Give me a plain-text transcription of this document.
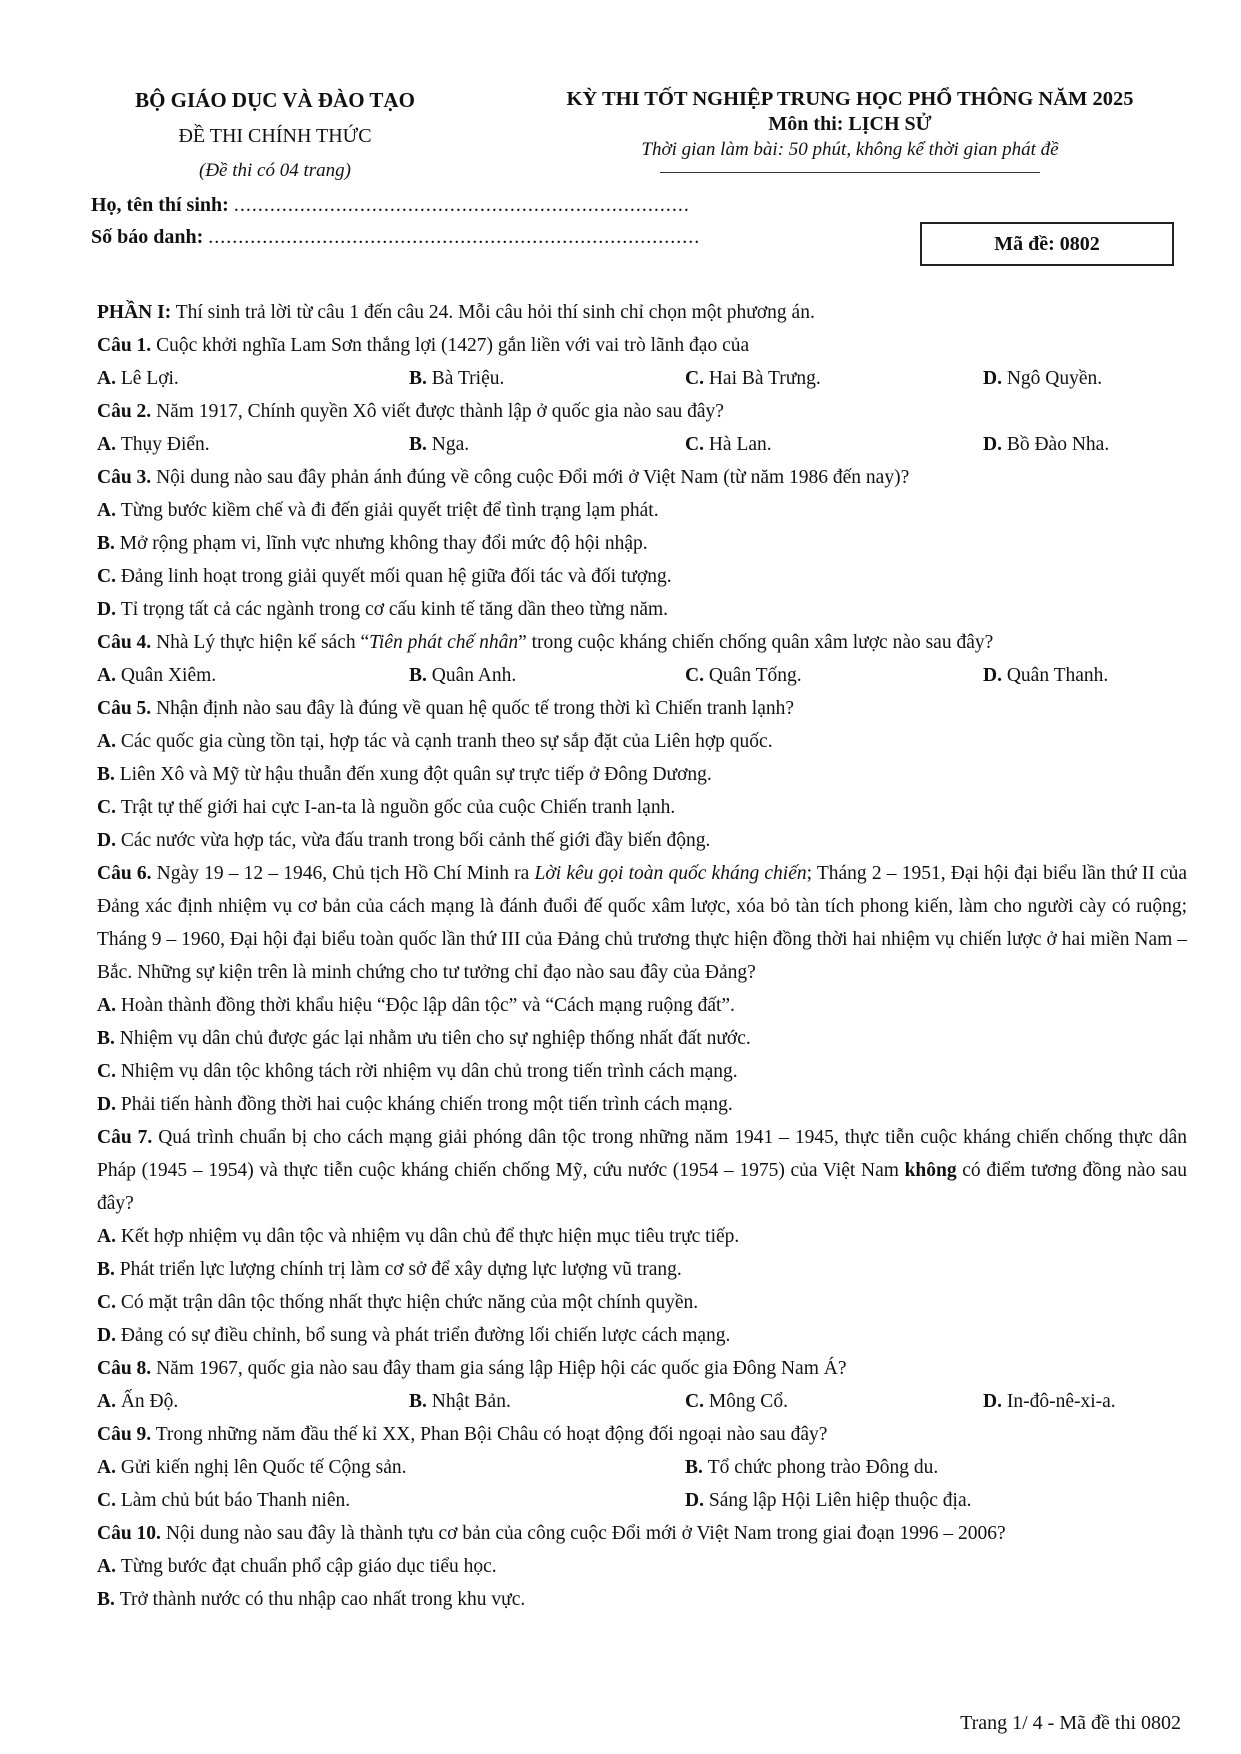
BỘ GIÁO DỤC VÀ ĐÀO TẠO
ĐỀ THI CHÍNH THỨC
(Đề thi có 04 trang)
KỲ THI TỐT NGHIỆP TRUNG HỌC PHỔ THÔNG NĂM 2025
Môn thi: LỊCH SỬ
Thời gian làm bài: 50 phút, không kể thời gian phát đề
Họ, tên thí sinh: ............................................................................
Số báo danh: ..................................................................................	Mã đề: 0802
PHẦN I: Thí sinh trả lời từ câu 1 đến câu 24. Mỗi câu hỏi thí sinh chỉ chọn một phương án.
Câu 1. Cuộc khởi nghĩa Lam Sơn thắng lợi (1427) gắn liền với vai trò lãnh đạo của
A. Lê Lợi.	B. Bà Triệu.	C. Hai Bà Trưng.	D. Ngô Quyền.
Câu 2. Năm 1917, Chính quyền Xô viết được thành lập ở quốc gia nào sau đây?
A. Thụy Điển.	B. Nga.	C. Hà Lan.	D. Bồ Đào Nha.
Câu 3. Nội dung nào sau đây phản ánh đúng về công cuộc Đổi mới ở Việt Nam (từ năm 1986 đến nay)?
A. Từng bước kiềm chế và đi đến giải quyết triệt để tình trạng lạm phát.
B. Mở rộng phạm vi, lĩnh vực nhưng không thay đổi mức độ hội nhập.
C. Đảng linh hoạt trong giải quyết mối quan hệ giữa đối tác và đối tượng.
D. Tỉ trọng tất cả các ngành trong cơ cấu kinh tế tăng dần theo từng năm.
Câu 4. Nhà Lý thực hiện kế sách “Tiên phát chế nhân” trong cuộc kháng chiến chống quân xâm lược nào sau đây?
A. Quân Xiêm.	B. Quân Anh.	C. Quân Tống.	D. Quân Thanh.
Câu 5. Nhận định nào sau đây là đúng về quan hệ quốc tế trong thời kì Chiến tranh lạnh?
A. Các quốc gia cùng tồn tại, hợp tác và cạnh tranh theo sự sắp đặt của Liên hợp quốc.
B. Liên Xô và Mỹ từ hậu thuẫn đến xung đột quân sự trực tiếp ở Đông Dương.
C. Trật tự thế giới hai cực I-an-ta là nguồn gốc của cuộc Chiến tranh lạnh.
D. Các nước vừa hợp tác, vừa đấu tranh trong bối cảnh thế giới đầy biến động.
Câu 6. Ngày 19 – 12 – 1946, Chủ tịch Hồ Chí Minh ra Lời kêu gọi toàn quốc kháng chiến; Tháng 2 – 1951, Đại hội đại biểu lần thứ II của Đảng xác định nhiệm vụ cơ bản của cách mạng là đánh đuổi đế quốc xâm lược, xóa bỏ tàn tích phong kiến, làm cho người cày có ruộng; Tháng 9 – 1960, Đại hội đại biểu toàn quốc lần thứ III của Đảng chủ trương thực hiện đồng thời hai nhiệm vụ chiến lược ở hai miền Nam – Bắc. Những sự kiện trên là minh chứng cho tư tưởng chỉ đạo nào sau đây của Đảng?
A. Hoàn thành đồng thời khẩu hiệu “Độc lập dân tộc” và “Cách mạng ruộng đất”.
B. Nhiệm vụ dân chủ được gác lại nhằm ưu tiên cho sự nghiệp thống nhất đất nước.
C. Nhiệm vụ dân tộc không tách rời nhiệm vụ dân chủ trong tiến trình cách mạng.
D. Phải tiến hành đồng thời hai cuộc kháng chiến trong một tiến trình cách mạng.
Câu 7. Quá trình chuẩn bị cho cách mạng giải phóng dân tộc trong những năm 1941 – 1945, thực tiễn cuộc kháng chiến chống thực dân Pháp (1945 – 1954) và thực tiễn cuộc kháng chiến chống Mỹ, cứu nước (1954 – 1975) của Việt Nam không có điểm tương đồng nào sau đây?
A. Kết hợp nhiệm vụ dân tộc và nhiệm vụ dân chủ để thực hiện mục tiêu trực tiếp.
B. Phát triển lực lượng chính trị làm cơ sở để xây dựng lực lượng vũ trang.
C. Có mặt trận dân tộc thống nhất thực hiện chức năng của một chính quyền.
D. Đảng có sự điều chỉnh, bổ sung và phát triển đường lối chiến lược cách mạng.
Câu 8. Năm 1967, quốc gia nào sau đây tham gia sáng lập Hiệp hội các quốc gia Đông Nam Á?
A. Ấn Độ.	B. Nhật Bản.	C. Mông Cổ.	D. In-đô-nê-xi-a.
Câu 9. Trong những năm đầu thế kỉ XX, Phan Bội Châu có hoạt động đối ngoại nào sau đây?
A. Gửi kiến nghị lên Quốc tế Cộng sản.	B. Tổ chức phong trào Đông du.
C. Làm chủ bút báo Thanh niên.	D. Sáng lập Hội Liên hiệp thuộc địa.
Câu 10. Nội dung nào sau đây là thành tựu cơ bản của công cuộc Đổi mới ở Việt Nam trong giai đoạn 1996 – 2006?
A. Từng bước đạt chuẩn phổ cập giáo dục tiểu học.
B. Trở thành nước có thu nhập cao nhất trong khu vực.
Trang 1/ 4 - Mã đề thi 0802
